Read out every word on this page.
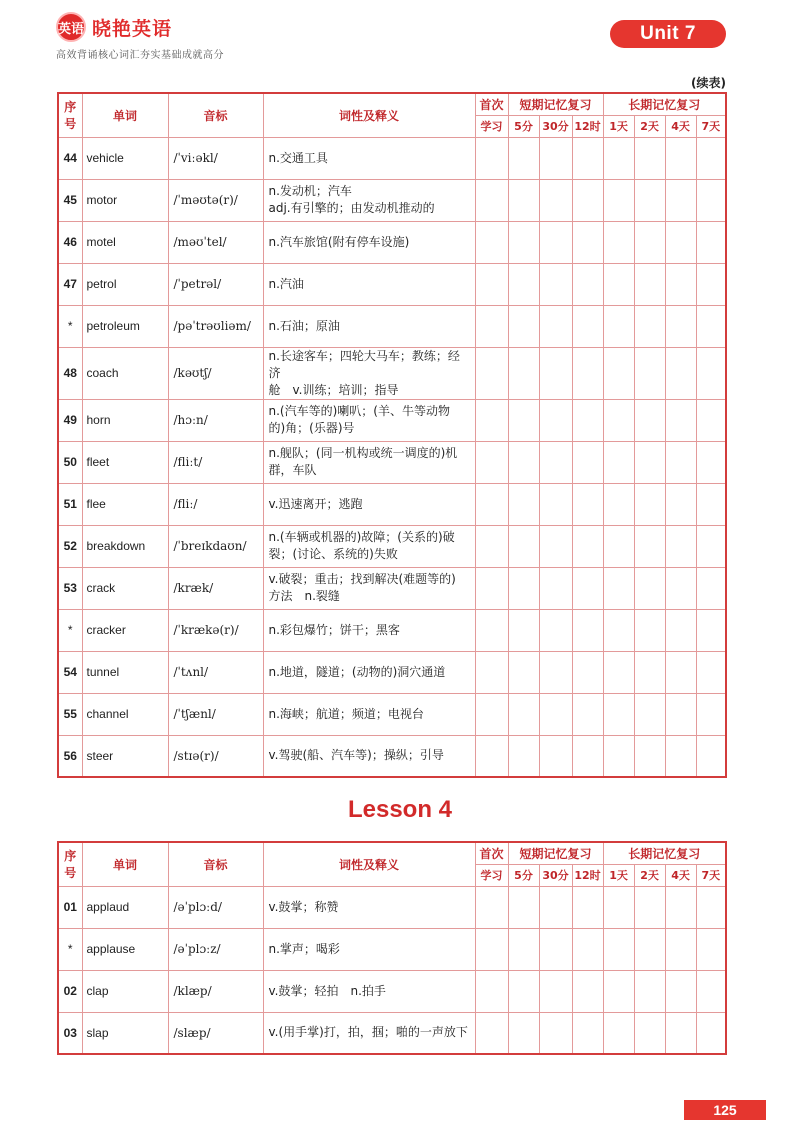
英语 晓艳英语
高效背诵核心词汇夯实基础成就高分
Unit 7
(续表)
序号	单词	音标	词性及释义	首次	短期记忆复习			长期记忆复习			
				学习	5分	30分	12时	1天	2天	4天	7天
44	vehicle	/ˈviːəkl/	n.交通工具								

45	motor	/ˈməʊtə(r)/	n.发动机；汽车
adj.有引擎的；由发动机推动的								

46	motel	/məʊˈtel/	n.汽车旅馆(附有停车设施)								

47	petrol	/ˈpetrəl/	n.汽油								

*	petroleum	/pəˈtrəʊliəm/	n.石油；原油								

48	coach	/kəʊtʃ/	n.长途客车；四轮大马车；教练；经济
舱　v.训练；培训；指导								

49	horn	/hɔːn/	n.(汽车等的)喇叭；(羊、牛等动物
的)角；(乐器)号								

50	fleet	/fliːt/	n.舰队；(同一机构或统一调度的)机
群，车队								

51	flee	/fliː/	v.迅速离开；逃跑								

52	breakdown	/ˈbreɪkdaʊn/	n.(车辆或机器的)故障；(关系的)破
裂；(讨论、系统的)失败								

53	crack	/kræk/	v.破裂；重击；找到解决(难题等的)
方法　n.裂缝								

*	cracker	/ˈkrækə(r)/	n.彩包爆竹；饼干；黑客								

54	tunnel	/ˈtʌnl/	n.地道，隧道；(动物的)洞穴通道								

55	channel	/ˈtʃænl/	n.海峡；航道；频道；电视台								

56	steer	/stɪə(r)/	v.驾驶(船、汽车等)；操纵；引导								

Lesson 4
序号	单词	音标	词性及释义	首次	短期记忆复习			长期记忆复习			
				学习	5分	30分	12时	1天	2天	4天	7天
01	applaud	/əˈplɔːd/	v.鼓掌；称赞								

*	applause	/əˈplɔːz/	n.掌声；喝彩								

02	clap	/klæp/	v.鼓掌；轻拍　n.拍手								

03	slap	/slæp/	v.(用手掌)打，拍，掴；啪的一声放下								

125
